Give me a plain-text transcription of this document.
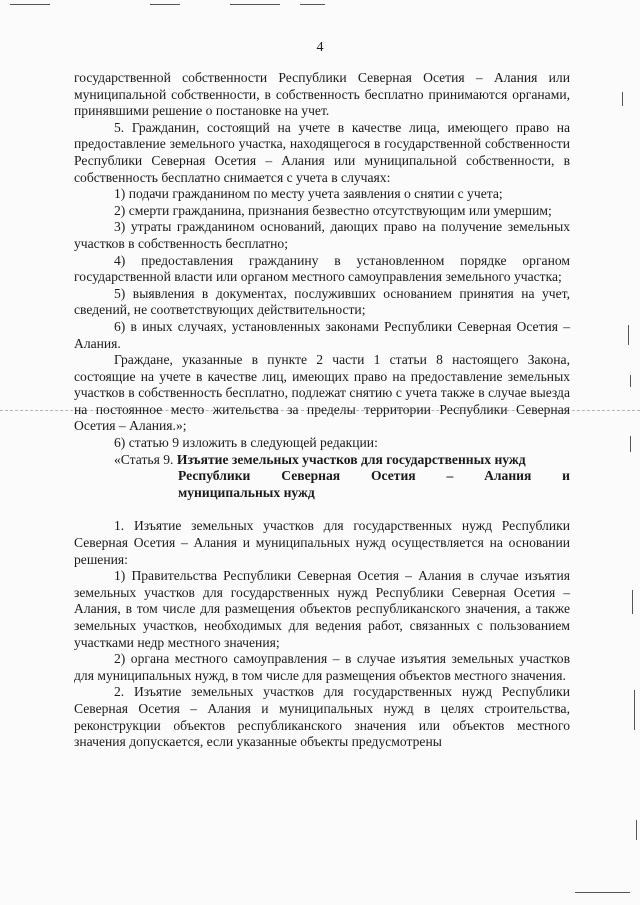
4

государственной собственности Республики Северная Осетия – Алания или муниципальной собственности, в собственность бесплатно принимаются органами, принявшими решение о постановке на учет.

5. Гражданин, состоящий на учете в качестве лица, имеющего право на предоставление земельного участка, находящегося в государственной собственности Республики Северная Осетия – Алания или муниципальной собственности, в собственность бесплатно снимается с учета в случаях:

1) подачи гражданином по месту учета заявления о снятии с учета;

2) смерти гражданина, признания безвестно отсутствующим или умершим;

3) утраты гражданином оснований, дающих право на получение земельных участков в собственность бесплатно;

4) предоставления гражданину в установленном порядке органом государственной власти или органом местного самоуправления земельного участка;

5) выявления в документах, послуживших основанием принятия на учет, сведений, не соответствующих действительности;

6) в иных случаях, установленных законами Республики Северная Осетия – Алания.

Граждане, указанные в пункте 2 части 1 статьи 8 настоящего Закона, состоящие на учете в качестве лиц, имеющих право на предоставление земельных участков в собственность бесплатно, подлежат снятию с учета также в случае выезда на постоянное место жительства за пределы территории Республики Северная Осетия – Алания.»;

6) статью 9 изложить в следующей редакции:

«Статья 9. Изъятие земельных участков для государственных нужд

Республики Северная Осетия – Алания и

муниципальных нужд

1. Изъятие земельных участков для государственных нужд Республики Северная Осетия – Алания и муниципальных нужд осуществляется на основании решения:

1) Правительства Республики Северная Осетия – Алания в случае изъятия земельных участков для государственных нужд Республики Северная Осетия – Алания, в том числе для размещения объектов республиканского значения, а также земельных участков, необходимых для ведения работ, связанных с пользованием участками недр местного значения;

2) органа местного самоуправления – в случае изъятия земельных участков для муниципальных нужд, в том числе для размещения объектов местного значения.

2. Изъятие земельных участков для государственных нужд Республики Северная Осетия – Алания и муниципальных нужд в целях строительства, реконструкции объектов республиканского значения или объектов местного значения допускается, если указанные объекты предусмотрены
